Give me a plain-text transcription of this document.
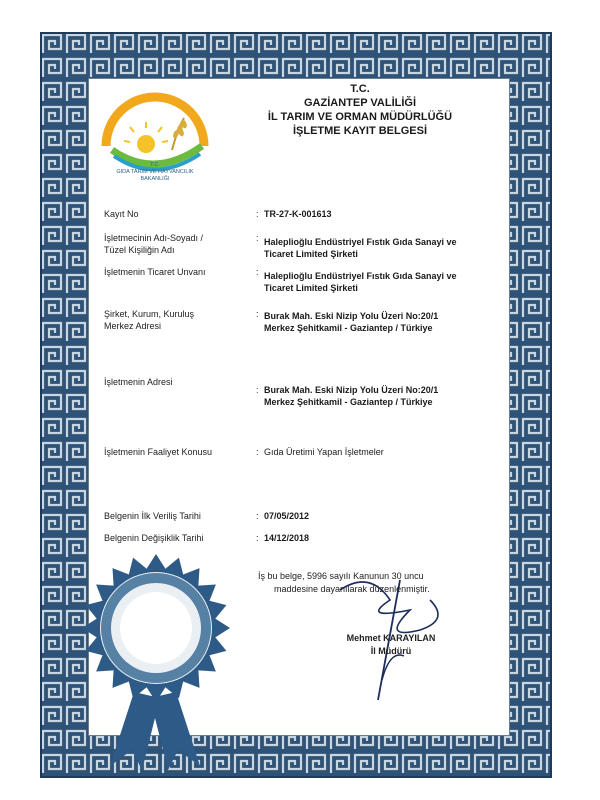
T.C.
GIDA TARIM VE HAYVANCILIK
BAKANLIĞI
T.C.
GAZİANTEP VALİLİĞİ
İL TARIM VE ORMAN MÜDÜRLÜĞÜ
İŞLETME KAYIT BELGESİ
Kayıt No	: TR-27-K-001613
İşletmecinin Adı-Soyadı /
Tüzel Kişiliğin Adı
: Haleplioğlu Endüstriyel Fıstık Gıda Sanayi ve
Ticaret Limited Şirketi
İşletmenin Ticaret Unvanı	: Haleplioğlu Endüstriyel Fıstık Gıda Sanayi ve
Ticaret Limited Şirketi
Şirket, Kurum, Kuruluş
Merkez Adresi
: Burak Mah. Eski Nizip Yolu Üzeri No:20/1
Merkez Şehitkamil - Gaziantep / Türkiye
İşletmenin Adresi
: Burak Mah. Eski Nizip Yolu Üzeri No:20/1
Merkez Şehitkamil - Gaziantep / Türkiye
İşletmenin Faaliyet Konusu	: Gıda Üretimi Yapan İşletmeler
Belgenin İlk Veriliş Tarihi	: 07/05/2012
Belgenin Değişiklik Tarihi	: 14/12/2018
İş bu belge, 5996 sayılı Kanunun 30 uncu
maddesine dayanılarak düzenlenmiştir.
Mehmet KARAYILAN
İl Müdürü
